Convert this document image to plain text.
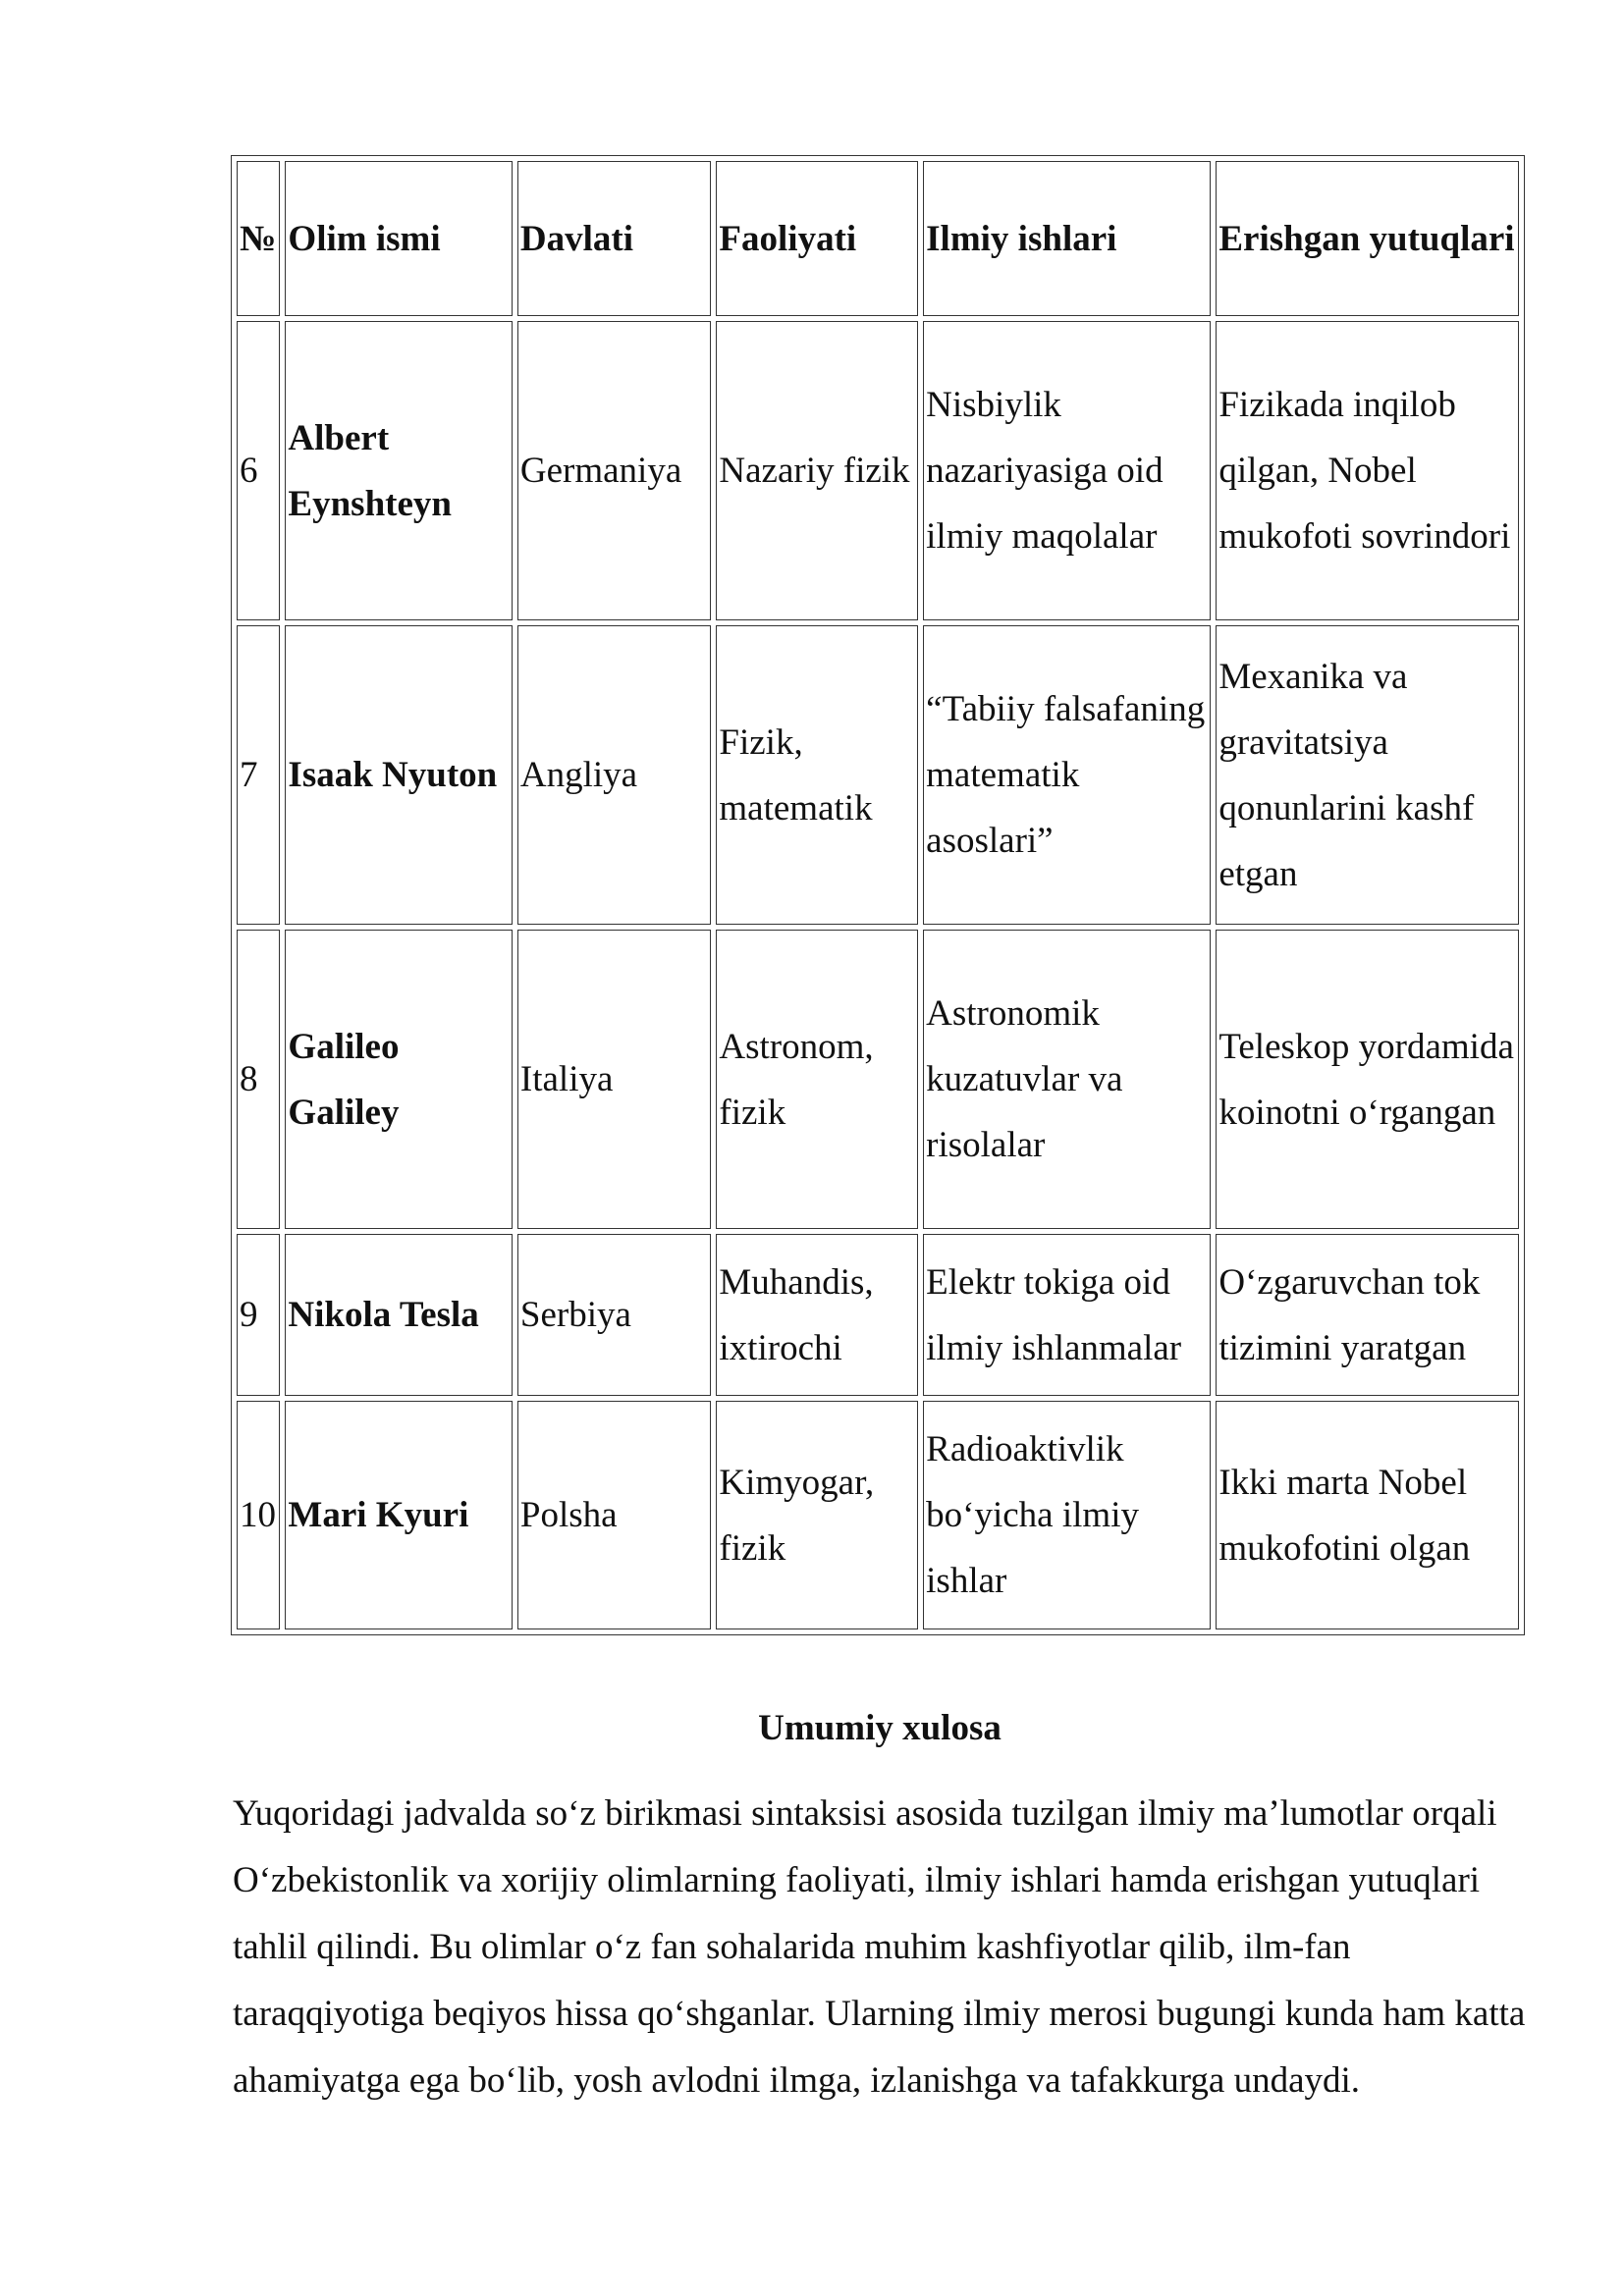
№	Olim ismi	Davlati	Faoliyati	Ilmiy ishlari	Erishgan yutuqlari
6	Albert Eynshteyn	Germaniya	Nazariy fizik	Nisbiylik nazariyasiga oid ilmiy maqolalar	Fizikada inqilob qilgan, Nobel mukofoti sovrindori
7	Isaak Nyuton	Angliya	Fizik, matematik	“Tabiiy falsafaning matematik asoslari”	Mexanika va gravitatsiya qonunlarini kashf etgan
8	Galileo Galiley	Italiya	Astronom, fizik	Astronomik kuzatuvlar va risolalar	Teleskop yordamida koinotni o‘rgangan
9	Nikola Tesla	Serbiya	Muhandis, ixtirochi	Elektr tokiga oid ilmiy ishlanmalar	O‘zgaruvchan tok tizimini yaratgan
10	Mari Kyuri	Polsha	Kimyogar, fizik	Radioaktivlik bo‘yicha ilmiy ishlar	Ikki marta Nobel mukofotini olgan
Umumiy xulosa

Yuqoridagi jadvalda so‘z birikmasi sintaksisi asosida tuzilgan ilmiy ma’lumotlar orqali O‘zbekistonlik va xorijiy olimlarning faoliyati, ilmiy ishlari hamda erishgan yutuqlari tahlil qilindi. Bu olimlar o‘z fan sohalarida muhim kashfiyotlar qilib, ilm-fan taraqqiyotiga beqiyos hissa qo‘shganlar. Ularning ilmiy merosi bugungi kunda ham katta ahamiyatga ega bo‘lib, yosh avlodni ilmga, izlanishga va tafakkurga undaydi.
